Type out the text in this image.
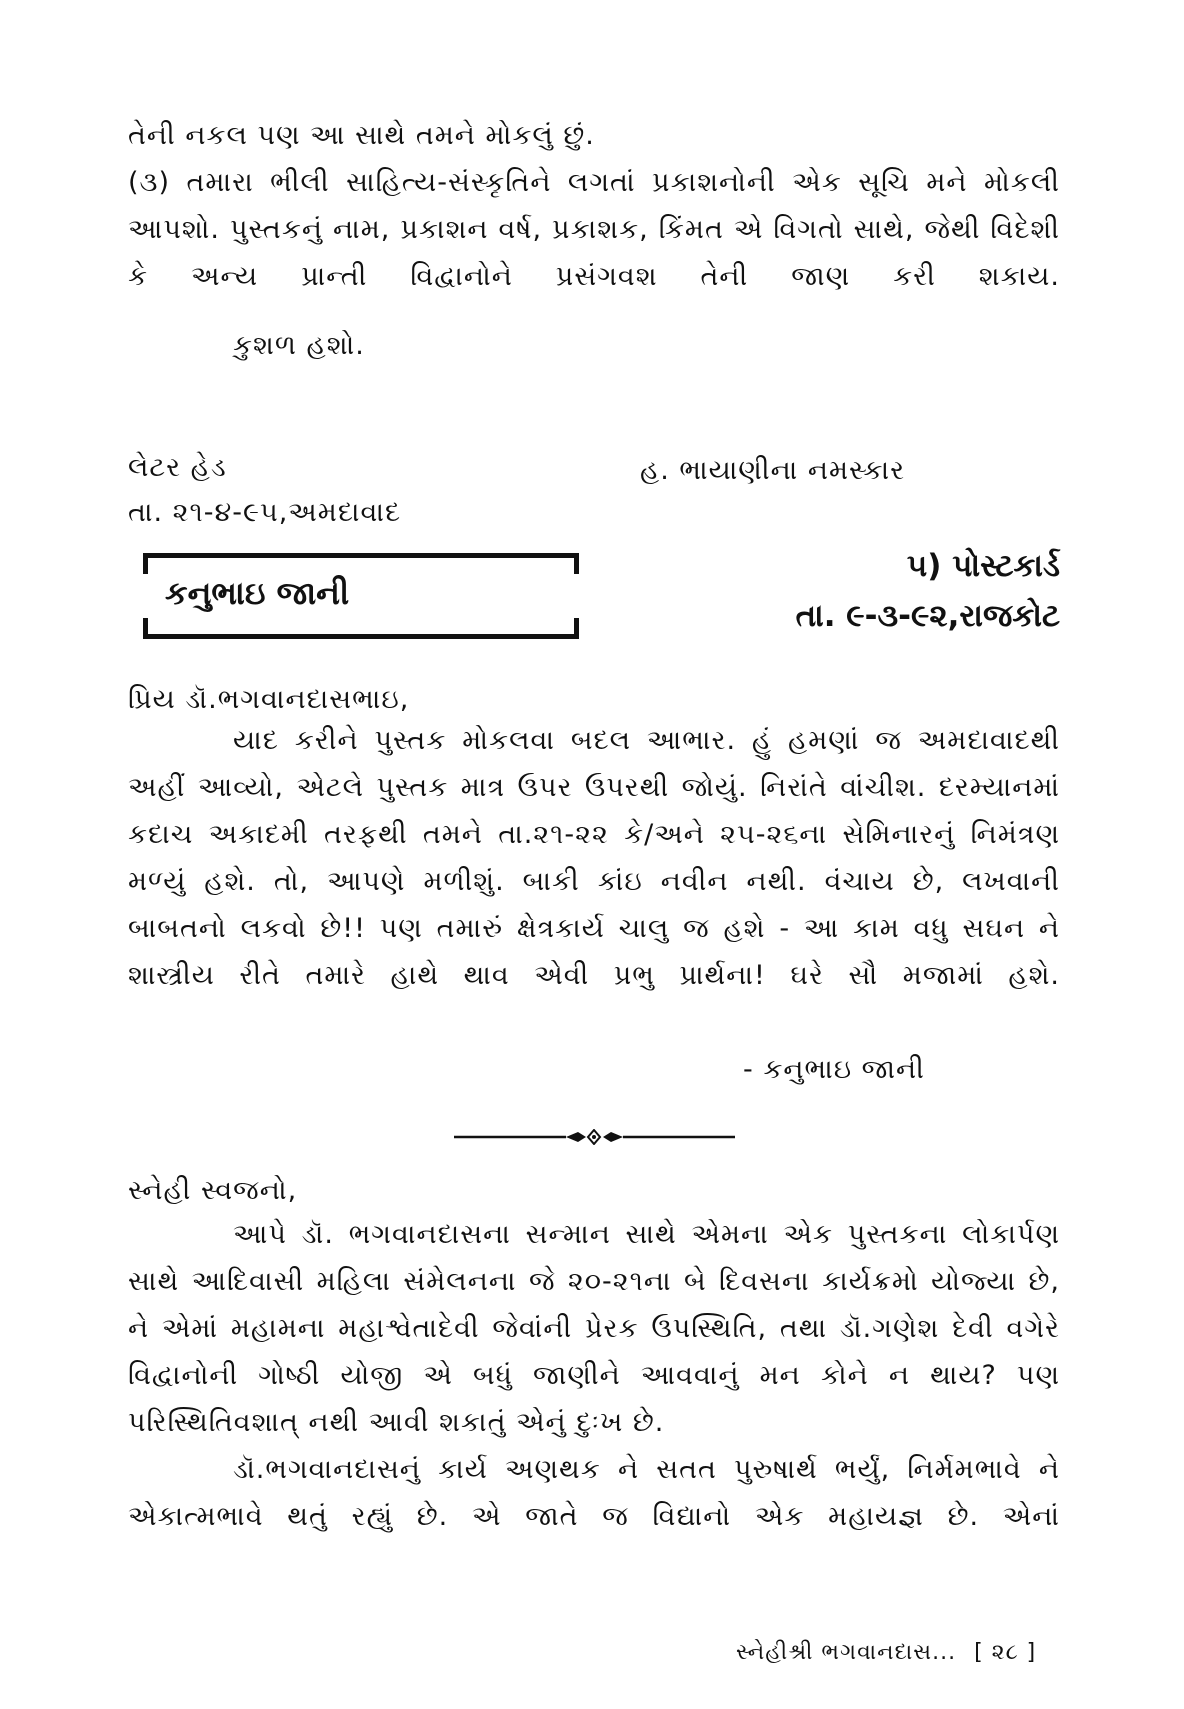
તેની નકલ પણ આ સાથે તમને મોકલું છું.

(૩) તમારા ભીલી સાહિત્ય-સંસ્કૃતિને લગતાં પ્રકાશનોની એક સૂચિ મને મોકલી આપશો. પુસ્તકનું નામ, પ્રકાશન વર્ષ, પ્રકાશક, કિંમત એ વિગતો સાથે, જેથી વિદેશી કે અન્ય પ્રાન્તી વિદ્વાનોને પ્રસંગવશ તેની જાણ કરી શકાય.

કુશળ હશો.
લેટર હેડ	હ. ભાયાણીના નમસ્કાર
તા. ૨૧-૪-૯૫,અમદાવાદ
કનુભાઇ જાની
૫) પોસ્ટકાર્ડ
તા. ૯-૩-૯૨,રાજકોટ
પ્રિય ડૉ.ભગવાનદાસભાઇ,

યાદ કરીને પુસ્તક મોકલવા બદલ આભાર. હું હમણાં જ અમદાવાદથી અહીં આવ્યો, એટલે પુસ્તક માત્ર ઉપર ઉપરથી જોયું. નિરાંતે વાંચીશ. દરમ્યાનમાં કદાચ અકાદમી તરફથી તમને તા.૨૧-૨૨ કે/અને ૨૫-૨૬ના સેમિનારનું નિમંત્રણ મળ્યું હશે. તો, આપણે મળીશું. બાકી કાંઇ નવીન નથી. વંચાય છે, લખવાની બાબતનો લકવો છે!! પણ તમારું ક્ષેત્રકાર્ય ચાલુ જ હશે - આ કામ વધુ સઘન ને શાસ્ત્રીય રીતે તમારે હાથે થાવ એવી પ્રભુ પ્રાર્થના! ઘરે સૌ મજામાં હશે.

- કનુભાઇ જાની
સ્નેહી સ્વજનો,

આપે ડૉ. ભગવાનદાસના સન્માન સાથે એમના એક પુસ્તકના લોકાર્પણ સાથે આદિવાસી મહિલા સંમેલનના જે ૨૦-૨૧ના બે દિવસના કાર્યક્રમો યોજ્યા છે, ને એમાં મહામના મહાશ્વેતાદેવી જેવાંની પ્રેરક ઉપસ્થિતિ, તથા ડૉ.ગણેશ દેવી વગેરે વિદ્વાનોની ગોષ્ઠી યોજી એ બધું જાણીને આવવાનું મન કોને ન થાય? પણ પરિસ્થિતિવશાત્ નથી આવી શકાતું એનું દુઃખ છે.

ડૉ.ભગવાનદાસનું કાર્ય અણથક ને સતત પુરુષાર્થ ભર્યું, નિર્મમભાવે ને એકાત્મભાવે થતું રહ્યું છે. એ જાતે જ વિદ્યાનો એક મહાયજ્ઞ છે. એનાં

સ્નેહીશ્રી ભગવાનદાસ... [ ૨૮ ]
